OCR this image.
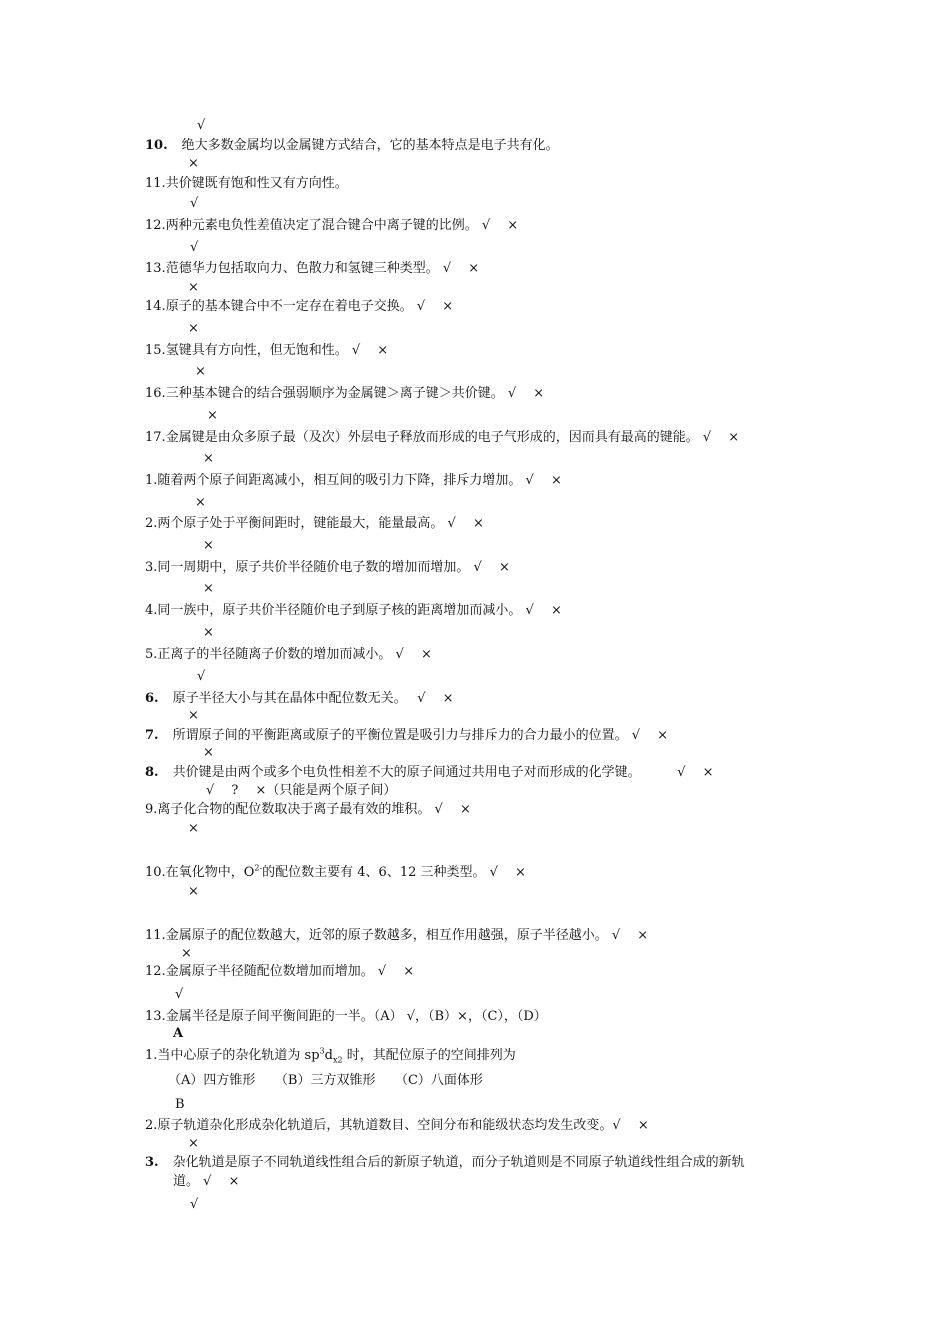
√
10. 绝大多数金属均以金属键方式结合，它的基本特点是电子共有化。
×
11.共价键既有饱和性又有方向性。
√
12.两种元素电负性差值决定了混合键合中离子键的比例。 √　 ×
√
13.范德华力包括取向力、色散力和氢键三种类型。 √　 ×
×
14.原子的基本键合中不一定存在着电子交换。 √　 ×
×
15.氢键具有方向性，但无饱和性。 √　 ×
×
16.三种基本键合的结合强弱顺序为金属键＞离子键＞共价键。 √　 ×
×
17.金属键是由众多原子最（及次）外层电子释放而形成的电子气形成的，因而具有最高的键能。 √　 ×
×
1.随着两个原子间距离减小，相互间的吸引力下降，排斥力增加。 √　 ×
×
2.两个原子处于平衡间距时，键能最大，能量最高。 √　 ×
×
3.同一周期中，原子共价半径随价电子数的增加而增加。 √　 ×
×
4.同一族中，原子共价半径随价电子到原子核的距离增加而减小。 √　 ×
×
5.正离子的半径随离子价数的增加而减小。 √　 ×
√
6. 原子半径大小与其在晶体中配位数无关。　 √　 ×
×
7. 所谓原子间的平衡距离或原子的平衡位置是吸引力与排斥力的合力最小的位置。 √　 ×
×
8. 共价键是由两个或多个电负性相差不大的原子间通过共用电子对而形成的化学键。　　　 √　 ×
√　 ?　 ×（只能是两个原子间）
9.离子化合物的配位数取决于离子最有效的堆积。 √　 ×
×
10.在氧化物中，$O^{2-}$的配位数主要有 4、6、12 三种类型。 √　 ×
×
11.金属原子的配位数越大，近邻的原子数越多，相互作用越强，原子半径越小。 √　 ×
×
12.金属原子半径随配位数增加而增加。 √　 ×
√
13.金属半径是原子间平衡间距的一半。（A） √，（B）×，（C），（D）
A
1.当中心原子的杂化轨道为 $sp^3d_{x2}$ 时，其配位原子的空间排列为
（A）四方锥形　　（B）三方双锥形　　（C）八面体形
B
2.原子轨道杂化形成杂化轨道后，其轨道数目、空间分布和能级状态均发生改变。√　 ×
×
3. 杂化轨道是原子不同轨道线性组合后的新原子轨道，而分子轨道则是不同原子轨道线性组合成的新轨
道。 √　 ×
√
